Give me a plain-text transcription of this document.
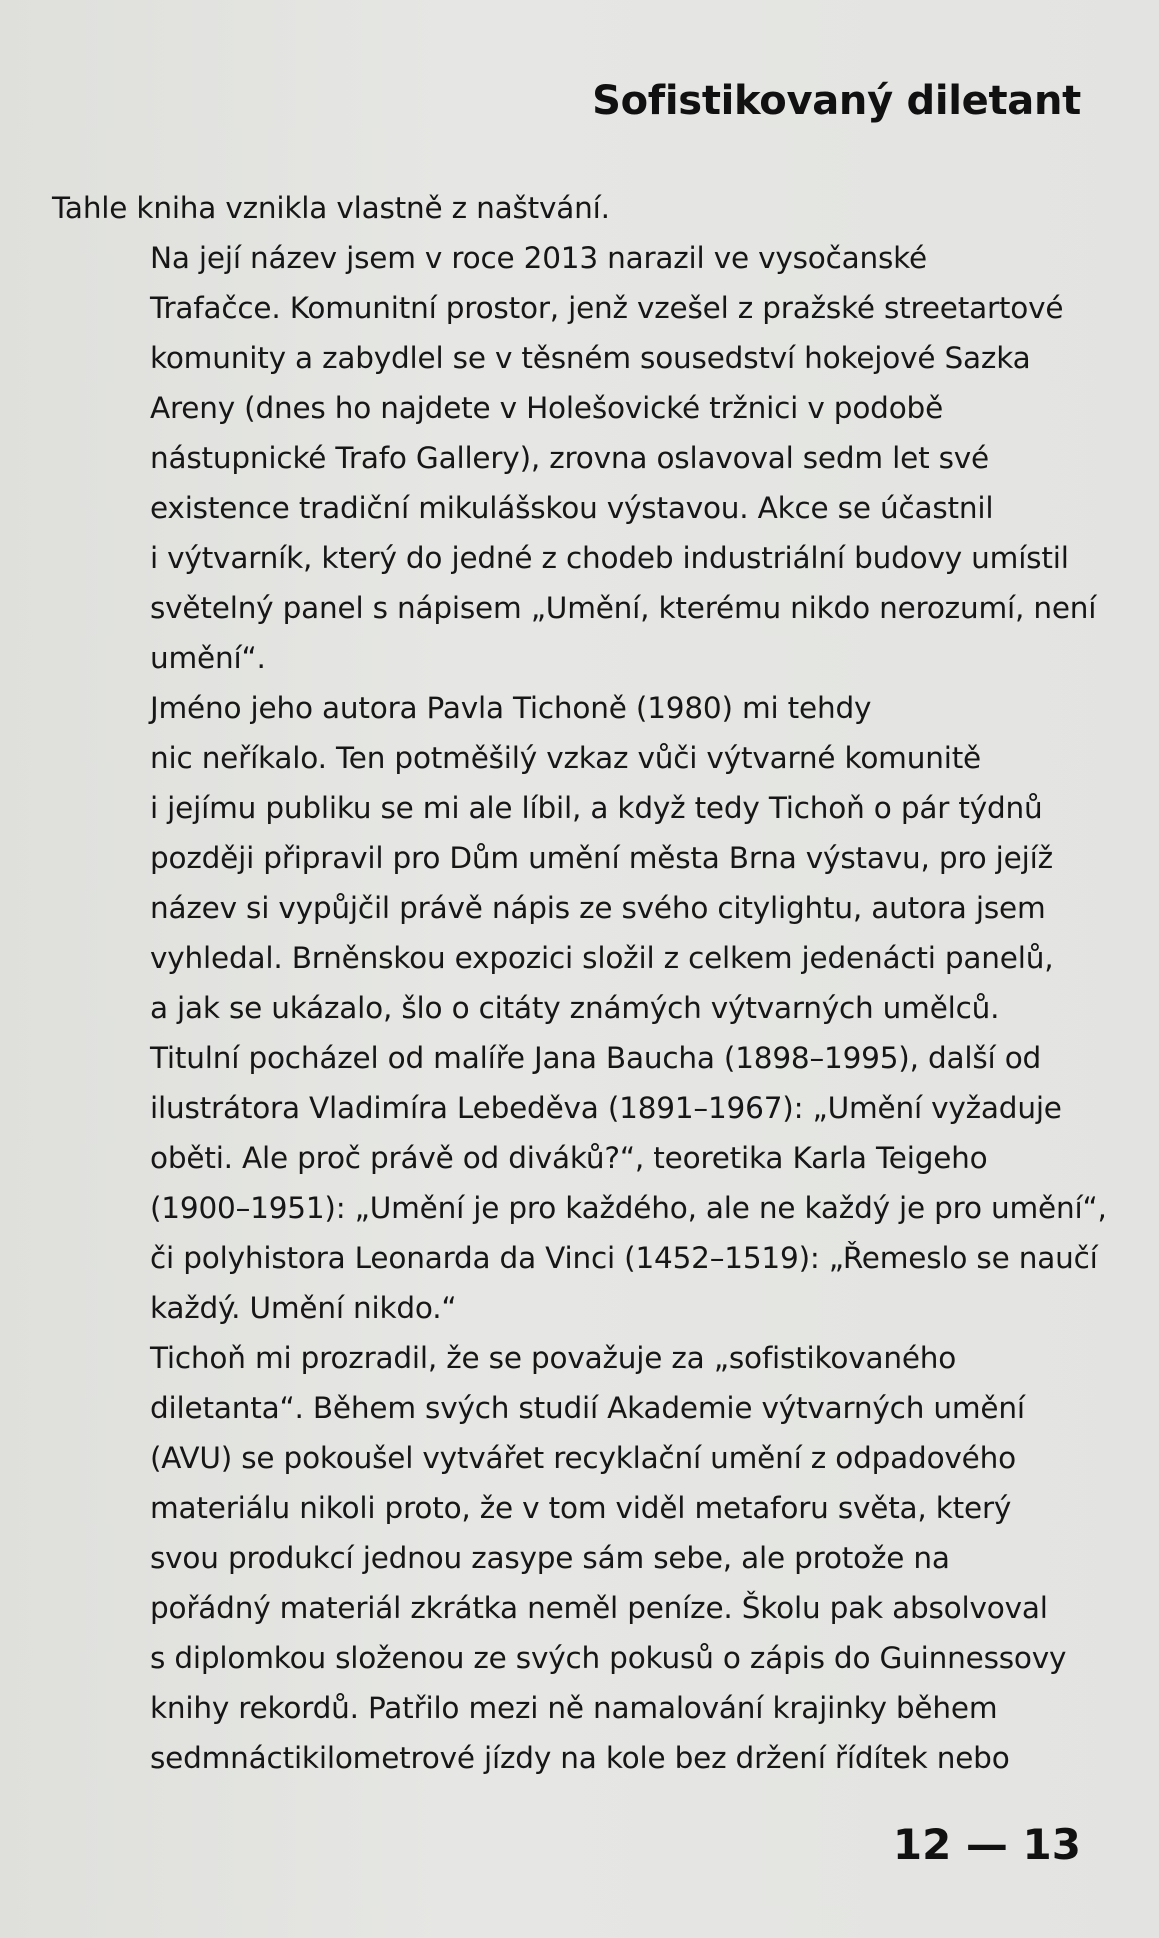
Sofistikovaný diletant

Tahle kniha vznikla vlastně z naštvání.

Na její název jsem v roce 2013 narazil ve vysočanské
Trafačce. Komunitní prostor, jenž vzešel z pražské streetartové
komunity a zabydlel se v těsném sousedství hokejové Sazka
Areny (dnes ho najdete v Holešovické tržnici v podobě
nástupnické Trafo Gallery), zrovna oslavoval sedm let své
existence tradiční mikulášskou výstavou. Akce se účastnil
i výtvarník, který do jedné z chodeb industriální budovy umístil
světelný panel s nápisem „Umění, kterému nikdo nerozumí, není
umění“.

Jméno jeho autora Pavla Tichoně (1980) mi tehdy
nic neříkalo. Ten potměšilý vzkaz vůči výtvarné komunitě
i jejímu publiku se mi ale líbil, a když tedy Tichoň o pár týdnů
později připravil pro Dům umění města Brna výstavu, pro jejíž
název si vypůjčil právě nápis ze svého citylightu, autora jsem
vyhledal. Brněnskou expozici složil z celkem jedenácti panelů,
a jak se ukázalo, šlo o citáty známých výtvarných umělců.
Titulní pocházel od malíře Jana Baucha (1898–1995), další od
ilustrátora Vladimíra Lebeděva (1891–1967): „Umění vyžaduje
oběti. Ale proč právě od diváků?“, teoretika Karla Teigeho
(1900–1951): „Umění je pro každého, ale ne každý je pro umění“,
či polyhistora Leonarda da Vinci (1452–1519): „Řemeslo se naučí
každý. Umění nikdo.“

Tichoň mi prozradil, že se považuje za „sofistikovaného
diletanta“. Během svých studií Akademie výtvarných umění
(AVU) se pokoušel vytvářet recyklační umění z odpadového
materiálu nikoli proto, že v tom viděl metaforu světa, který
svou produkcí jednou zasype sám sebe, ale protože na
pořádný materiál zkrátka neměl peníze. Školu pak absolvoval
s diplomkou složenou ze svých pokusů o zápis do Guinnessovy
knihy rekordů. Patřilo mezi ně namalování krajinky během
sedmnáctikilometrové jízdy na kole bez držení řídítek nebo

12 — 13
